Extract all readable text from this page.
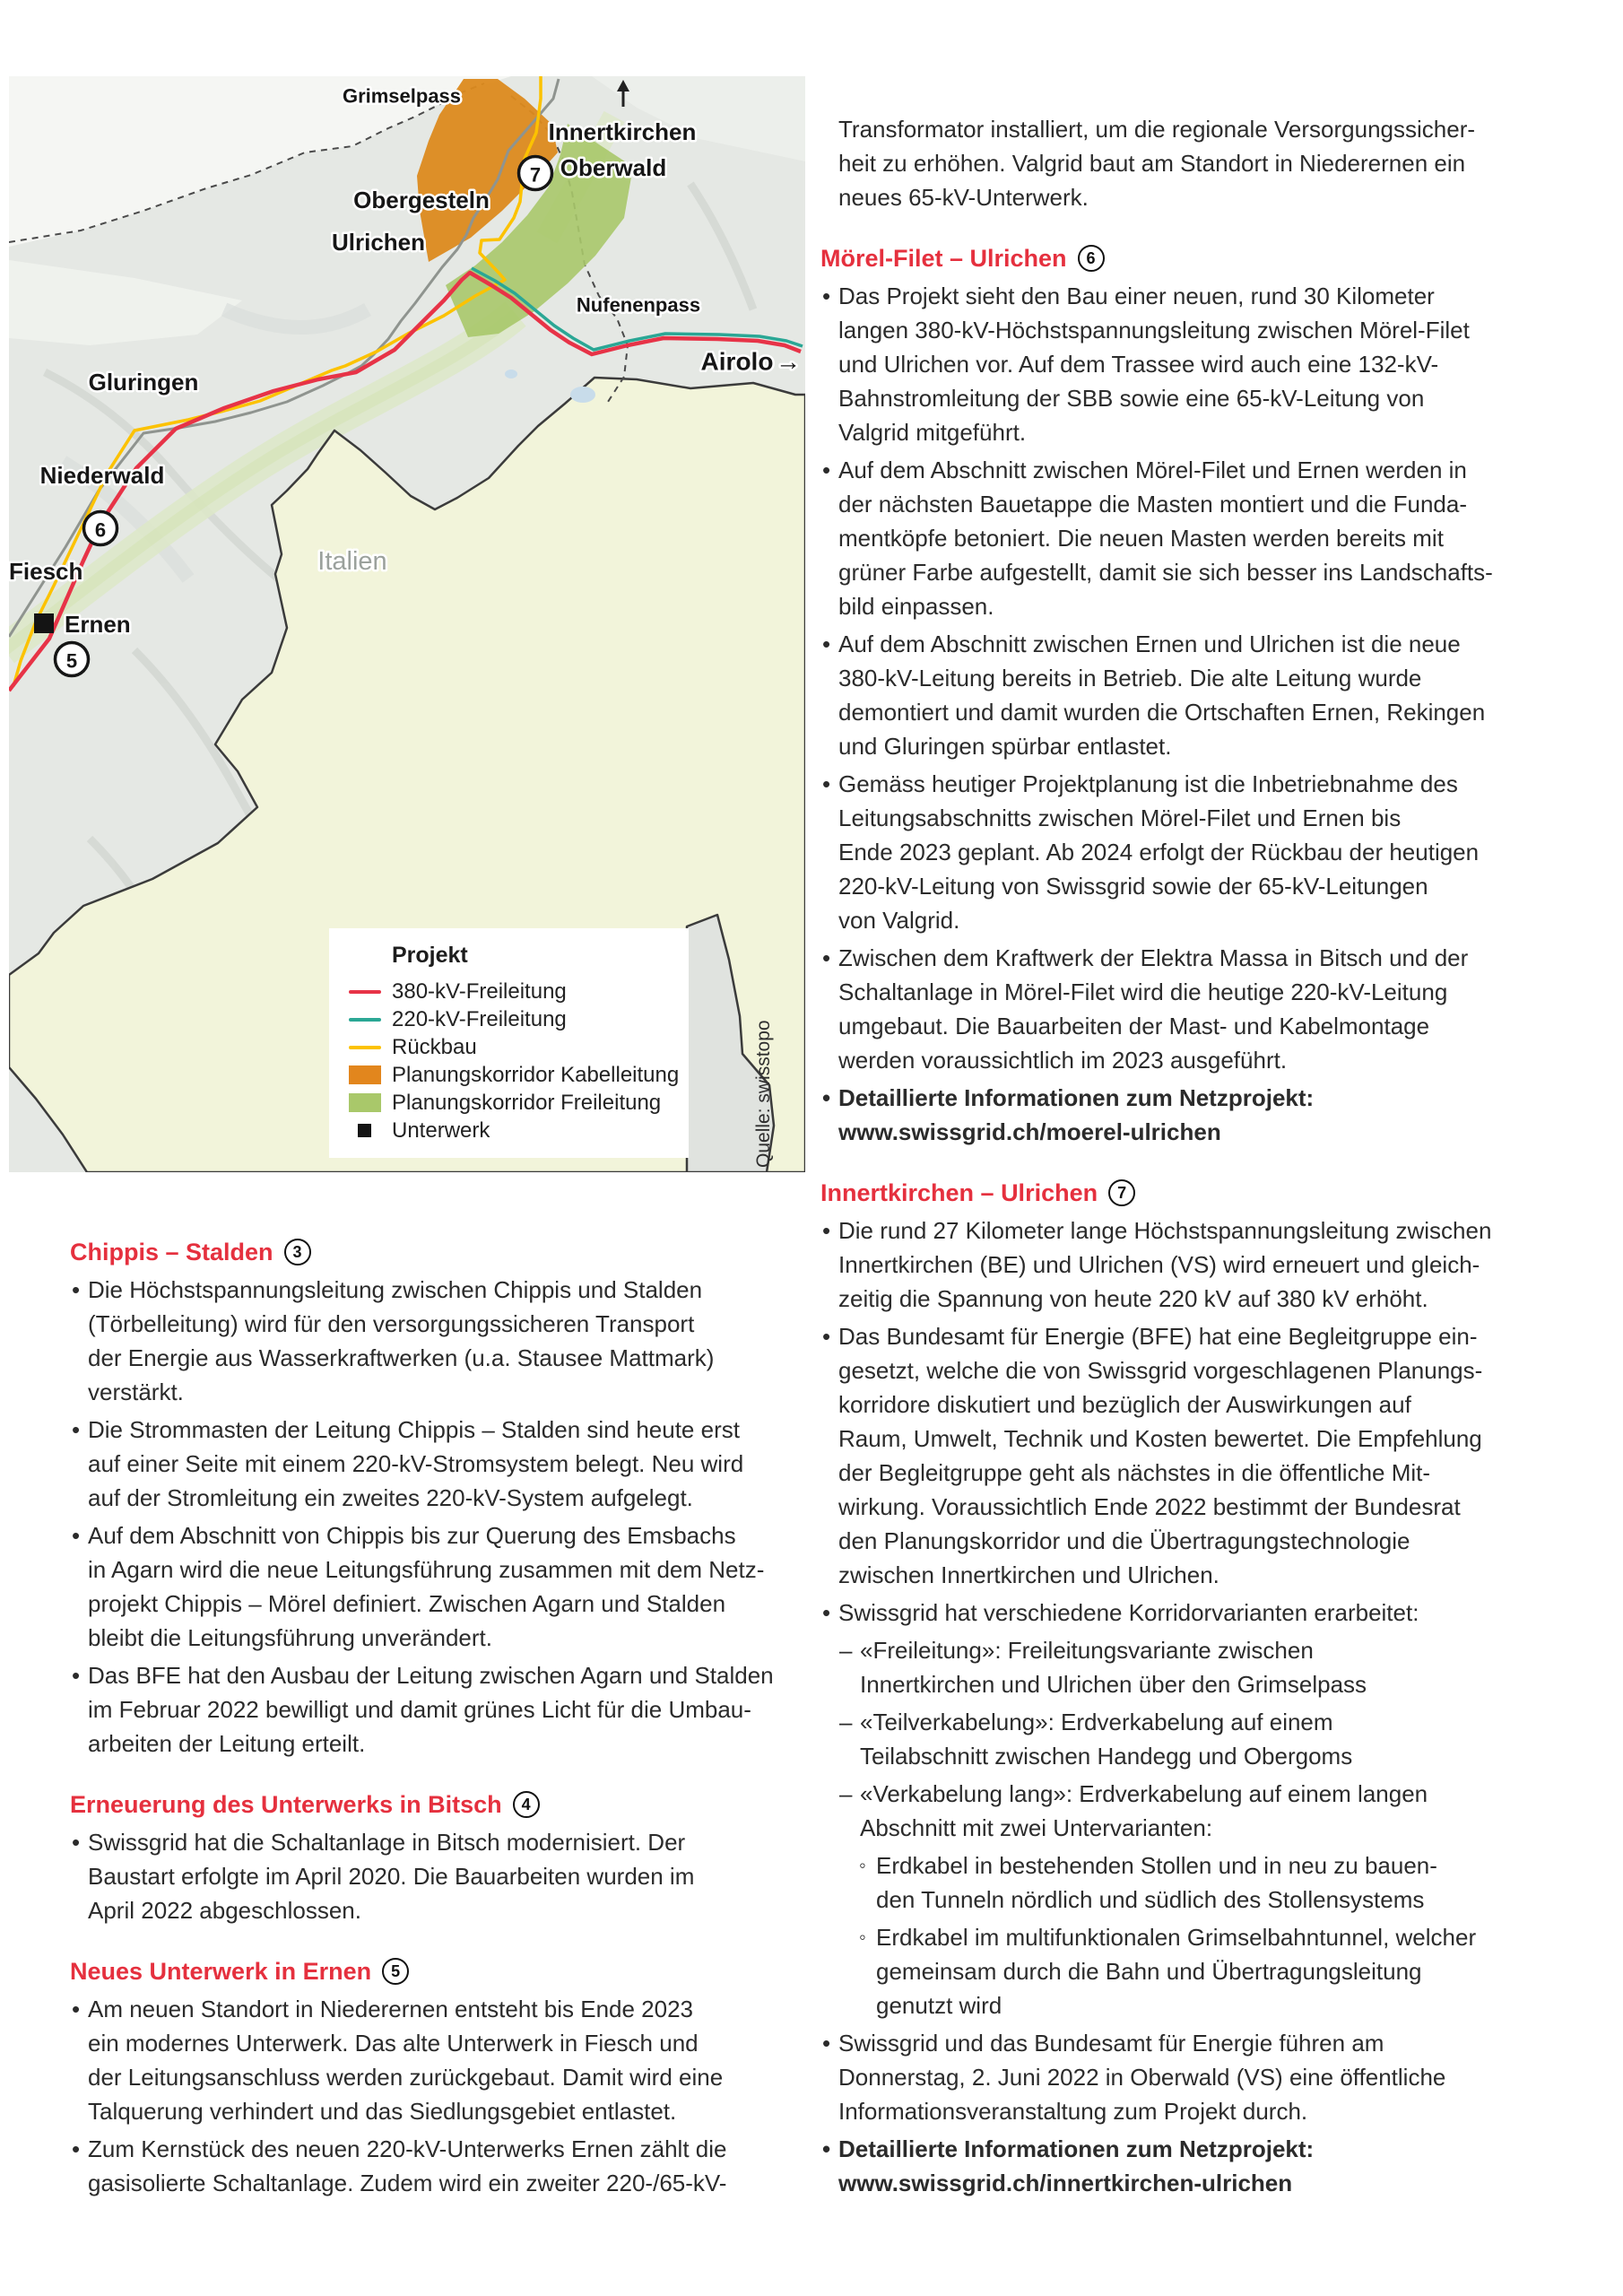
7
6
5
Grimselpass
Innertkirchen
Oberwald
Obergesteln
Ulrichen
Nufenenpass
Airolo →
Gluringen
Niederwald
Fiesch
Ernen
Italien
Projekt
380-kV-Freileitung
220-kV-Freileitung
Rückbau
Planungskorridor Kabelleitung
Planungskorridor Freileitung
Unterwerk	Quelle: swisstopo
Chippis – Stalden	3
• Die Höchstspannungsleitung zwischen Chippis und Stalden
(Törbelleitung) wird für den versorgungssicheren Transport
der Energie aus Wasserkraftwerken (u.a. Stausee Mattmark)
verstärkt.
• Die Strommasten der Leitung Chippis – Stalden sind heute erst
auf einer Seite mit einem 220-kV-Stromsystem belegt. Neu wird
auf der Stromleitung ein zweites 220-kV-System aufgelegt.
• Auf dem Abschnitt von Chippis bis zur Querung des Emsbachs
in Agarn wird die neue Leitungsführung zusammen mit dem Netz-
projekt Chippis – Mörel definiert. Zwischen Agarn und Stalden
bleibt die Leitungsführung unverändert.
• Das BFE hat den Ausbau der Leitung zwischen Agarn und Stalden
im Februar 2022 bewilligt und damit grünes Licht für die Umbau-
arbeiten der Leitung erteilt.
Erneuerung des Unterwerks in Bitsch	4
• Swissgrid hat die Schaltanlage in Bitsch modernisiert. Der
Baustart erfolgte im April 2020. Die Bauarbeiten wurden im
April 2022 abgeschlossen.
Neues Unterwerk in Ernen	5
• Am neuen Standort in Niederernen entsteht bis Ende 2023
ein modernes Unterwerk. Das alte Unterwerk in Fiesch und
der Leitungsanschluss werden zurückgebaut. Damit wird eine
Talquerung verhindert und das Siedlungsgebiet entlastet.
• Zum Kernstück des neuen 220-kV-Unterwerks Ernen zählt die
gasisolierte Schaltanlage. Zudem wird ein zweiter 220-/65-kV-
Transformator installiert, um die regionale Versorgungssicher-
heit zu erhöhen. Valgrid baut am Standort in Niederernen ein
neues 65-kV-Unterwerk.
Mörel-Filet – Ulrichen	6
• Das Projekt sieht den Bau einer neuen, rund 30 Kilometer
langen 380-kV-Höchstspannungsleitung zwischen Mörel-Filet
und Ulrichen vor. Auf dem Trassee wird auch eine 132-kV-
Bahnstromleitung der SBB sowie eine 65-kV-Leitung von
Valgrid mitgeführt.
• Auf dem Abschnitt zwischen Mörel-Filet und Ernen werden in
der nächsten Bauetappe die Masten montiert und die Funda-
mentköpfe betoniert. Die neuen Masten werden bereits mit
grüner Farbe aufgestellt, damit sie sich besser ins Landschafts-
bild einpassen.
• Auf dem Abschnitt zwischen Ernen und Ulrichen ist die neue
380-kV-Leitung bereits in Betrieb. Die alte Leitung wurde
demontiert und damit wurden die Ortschaften Ernen, Rekingen
und Gluringen spürbar entlastet.
• Gemäss heutiger Projektplanung ist die Inbetriebnahme des
Leitungsabschnitts zwischen Mörel-Filet und Ernen bis
Ende 2023 geplant. Ab 2024 erfolgt der Rückbau der heutigen
220-kV-Leitung von Swissgrid sowie der 65-kV-Leitungen
von Valgrid.
• Zwischen dem Kraftwerk der Elektra Massa in Bitsch und der
Schaltanlage in Mörel-Filet wird die heutige 220-kV-Leitung
umgebaut. Die Bauarbeiten der Mast- und Kabelmontage
werden voraussichtlich im 2023 ausgeführt.
• Detaillierte Informationen zum Netzprojekt:
www.swissgrid.ch/moerel-ulrichen
Innertkirchen – Ulrichen	7
• Die rund 27 Kilometer lange Höchstspannungsleitung zwischen
Innertkirchen (BE) und Ulrichen (VS) wird erneuert und gleich-
zeitig die Spannung von heute 220 kV auf 380 kV erhöht.
• Das Bundesamt für Energie (BFE) hat eine Begleitgruppe ein-
gesetzt, welche die von Swissgrid vorgeschlagenen Planungs-
korridore diskutiert und bezüglich der Auswirkungen auf
Raum, Umwelt, Technik und Kosten bewertet. Die Empfehlung
der Begleitgruppe geht als nächstes in die öffentliche Mit-
wirkung. Voraussichtlich Ende 2022 bestimmt der Bundesrat
den Planungskorridor und die Übertragungstechnologie
zwischen Innertkirchen und Ulrichen.
• Swissgrid hat verschiedene Korridorvarianten erarbeitet:
– «Freileitung»: Freileitungsvariante zwischen
Innertkirchen und Ulrichen über den Grimselpass
– «Teilverkabelung»: Erdverkabelung auf einem
Teilabschnitt zwischen Handegg und Obergoms
– «Verkabelung lang»: Erdverkabelung auf einem langen
Abschnitt mit zwei Untervarianten:
◦ Erdkabel in bestehenden Stollen und in neu zu bauen-
den Tunneln nördlich und südlich des Stollensystems
◦ Erdkabel im multifunktionalen Grimselbahntunnel, welcher
gemeinsam durch die Bahn und Übertragungsleitung
genutzt wird
• Swissgrid und das Bundesamt für Energie führen am
Donnerstag, 2. Juni 2022 in Oberwald (VS) eine öffentliche
Informationsveranstaltung zum Projekt durch.
• Detaillierte Informationen zum Netzprojekt:
www.swissgrid.ch/innertkirchen-ulrichen
